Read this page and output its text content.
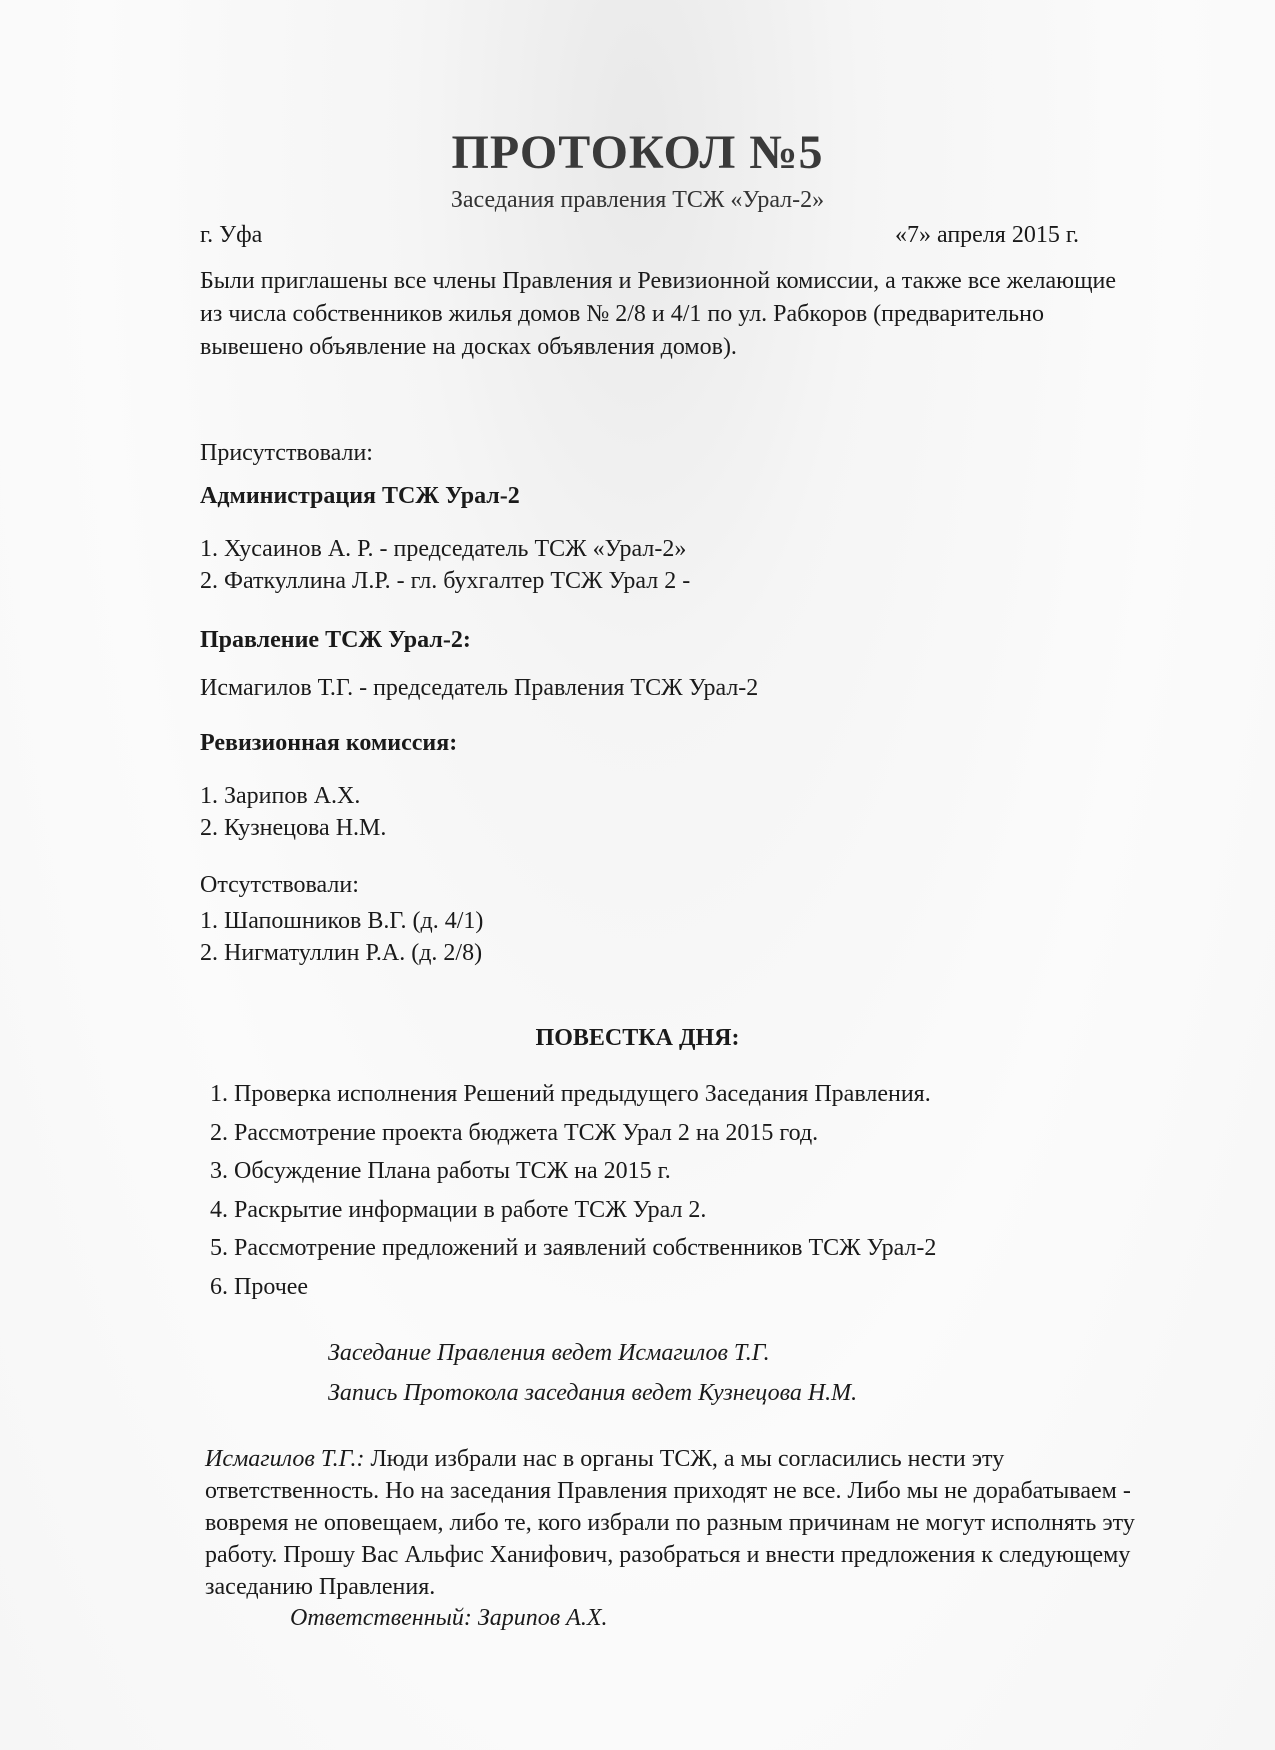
ПРОТОКОЛ №5
Заседания правления ТСЖ «Урал-2»
г. Уфа	«7» апреля 2015 г.
Были приглашены все члены Правления и Ревизионной комиссии, а также все желающие из числа собственников жилья домов № 2/8 и 4/1 по ул. Рабкоров (предварительно вывешено объявление на досках объявления домов).
Присутствовали:
Администрация ТСЖ Урал-2
1. Хусаинов А. Р. - председатель ТСЖ «Урал-2»
2. Фаткуллина Л.Р. - гл. бухгалтер ТСЖ Урал 2 -
Правление ТСЖ Урал-2:
Исмагилов Т.Г. - председатель Правления ТСЖ Урал-2
Ревизионная комиссия:
1. Зарипов А.Х.
2. Кузнецова Н.М.
Отсутствовали:
1. Шапошников В.Г. (д. 4/1)
2. Нигматуллин Р.А. (д. 2/8)
ПОВЕСТКА ДНЯ:
1. Проверка исполнения Решений предыдущего Заседания Правления.
2. Рассмотрение проекта бюджета ТСЖ Урал 2 на 2015 год.
3. Обсуждение Плана работы ТСЖ на 2015 г.
4. Раскрытие информации в работе ТСЖ Урал 2.
5. Рассмотрение предложений и заявлений собственников ТСЖ Урал-2
6. Прочее
Заседание Правления ведет Исмагилов Т.Г.
Запись Протокола заседания ведет Кузнецова Н.М.
Исмагилов Т.Г.: Люди избрали нас в органы ТСЖ, а мы согласились нести эту ответственность. Но на заседания Правления приходят не все. Либо мы не дорабатываем - вовремя не оповещаем, либо те, кого избрали по разным причинам не могут исполнять эту работу. Прошу Вас Альфис Ханифович, разобраться и внести предложения к следующему заседанию Правления.
Ответственный: Зарипов А.Х.
